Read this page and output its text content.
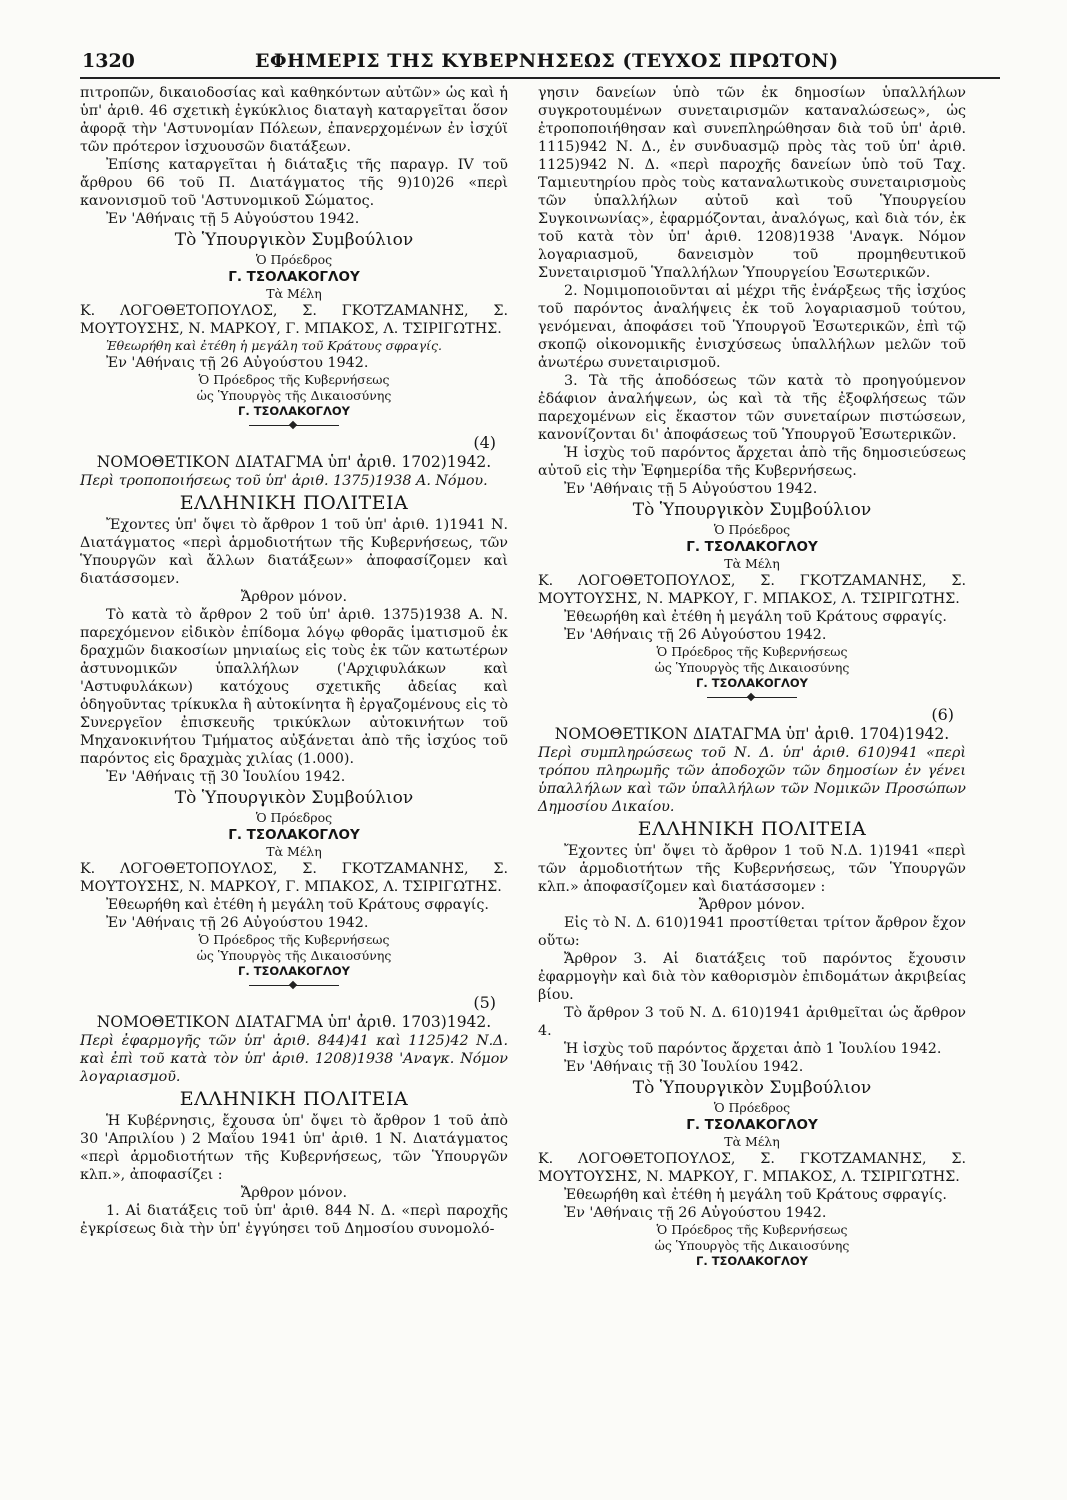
1320	ΕΦΗΜΕΡΙΣ ΤΗΣ ΚΥΒΕΡΝΗΣΕΩΣ (ΤΕΥΧΟΣ ΠΡΩΤΟΝ)

πιτροπῶν, δικαιοδοσίας καὶ καθηκόντων αὐτῶν» ὡς καὶ ἡ ὑπ' ἀριθ. 46 σχετικὴ ἐγκύκλιος διαταγὴ καταργεῖται ὅσον ἀφορᾷ τὴν 'Αστυνομίαν Πόλεων, ἐπανερχομένων ἐν ἰσχύϊ τῶν πρότερον ἰσχυουσῶν διατάξεων.

Ἐπίσης καταργεῖται ἡ διάταξις τῆς παραγρ. IV τοῦ ἄρθρου 66 τοῦ Π. Διατάγματος τῆς 9)10)26 «περὶ κανονισμοῦ τοῦ 'Αστυνομικοῦ Σώματος.

Ἐν 'Αθήναις τῇ 5 Αὐγούστου 1942.

Τὸ Ὑπουργικὸν Συμβούλιον

Ὁ Πρόεδρος

Γ. ΤΣΟΛΑΚΟΓΛΟΥ

Τὰ Μέλη

Κ. ΛΟΓΟΘΕΤΟΠΟΥΛΟΣ, Σ. ΓΚΟΤΖΑΜΑΝΗΣ, Σ. ΜΟΥΤΟΥΣΗΣ, Ν. ΜΑΡΚΟΥ, Γ. ΜΠΑΚΟΣ, Λ. ΤΣΙΡΙΓΩΤΗΣ.

Ἐθεωρήθη καὶ ἐτέθη ἡ μεγάλη τοῦ Κράτους σφραγίς.

Ἐν 'Αθήναις τῇ 26 Αὐγούστου 1942.

Ὁ Πρόεδρος τῆς Κυβερνήσεως

ὡς Ὑπουργὸς τῆς Δικαιοσύνης

Γ. ΤΣΟΛΑΚΟΓΛΟΥ

(4)

ΝΟΜΟΘΕΤΙΚΟΝ ΔΙΑΤΑΓΜΑ ὑπ' ἀριθ. 1702)1942.

Περὶ τροποποιήσεως τοῦ ὑπ' ἀριθ. 1375)1938 Α. Νόμου.

ΕΛΛΗΝΙΚΗ ΠΟΛΙΤΕΙΑ

Ἔχοντες ὑπ' ὄψει τὸ ἄρθρον 1 τοῦ ὑπ' ἀριθ. 1)1941 Ν. Διατάγματος «περὶ ἁρμοδιοτήτων τῆς Κυβερνήσεως, τῶν Ὑπουργῶν καὶ ἄλλων διατάξεων» ἀποφασίζομεν καὶ διατάσσομεν.

Ἄρθρον μόνον.

Τὸ κατὰ τὸ ἄρθρον 2 τοῦ ὑπ' ἀριθ. 1375)1938 Α. Ν. παρεχόμενον εἰδικὸν ἐπίδομα λόγῳ φθορᾶς ἱματισμοῦ ἐκ δραχμῶν διακοσίων μηνιαίως εἰς τοὺς ἐκ τῶν κατωτέρων ἀστυνομικῶν ὑπαλλήλων ('Αρχιφυλάκων καὶ 'Αστυφυλάκων) κατόχους σχετικῆς ἀδείας καὶ ὁδηγοῦντας τρίκυκλα ἢ αὐτοκίνητα ἢ ἐργαζομένους εἰς τὸ Συνεργεῖον ἐπισκευῆς τρικύκλων αὐτοκινήτων τοῦ Μηχανοκινήτου Τμήματος αὐξάνεται ἀπὸ τῆς ἰσχύος τοῦ παρόντος εἰς δραχμὰς χιλίας (1.000).

Ἐν 'Αθήναις τῇ 30 Ἰουλίου 1942.

Τὸ Ὑπουργικὸν Συμβούλιον

Ὁ Πρόεδρος

Γ. ΤΣΟΛΑΚΟΓΛΟΥ

Τὰ Μέλη

Κ. ΛΟΓΟΘΕΤΟΠΟΥΛΟΣ, Σ. ΓΚΟΤΖΑΜΑΝΗΣ, Σ. ΜΟΥΤΟΥΣΗΣ, Ν. ΜΑΡΚΟΥ, Γ. ΜΠΑΚΟΣ, Λ. ΤΣΙΡΙΓΩΤΗΣ.

Ἐθεωρήθη καὶ ἐτέθη ἡ μεγάλη τοῦ Κράτους σφραγίς.

Ἐν 'Αθήναις τῇ 26 Αὐγούστου 1942.

Ὁ Πρόεδρος τῆς Κυβερνήσεως

ὡς Ὑπουργὸς τῆς Δικαιοσύνης

Γ. ΤΣΟΛΑΚΟΓΛΟΥ

(5)

ΝΟΜΟΘΕΤΙΚΟΝ ΔΙΑΤΑΓΜΑ ὑπ' ἀριθ. 1703)1942.

Περὶ ἐφαρμογῆς τῶν ὑπ' ἀριθ. 844)41 καὶ 1125)42 Ν.Δ. καὶ ἐπὶ τοῦ κατὰ τὸν ὑπ' ἀριθ. 1208)1938 'Αναγκ. Νόμον λογαριασμοῦ.

ΕΛΛΗΝΙΚΗ ΠΟΛΙΤΕΙΑ

Ἡ Κυβέρνησις, ἔχουσα ὑπ' ὄψει τὸ ἄρθρον 1 τοῦ ἀπὸ 30 'Απριλίου ) 2 Μαΐου 1941 ὑπ' ἀριθ. 1 Ν. Διατάγματος «περὶ ἁρμοδιοτήτων τῆς Κυβερνήσεως, τῶν Ὑπουργῶν κλπ.», ἀποφασίζει :

Ἄρθρον μόνον.

1. Αἱ διατάξεις τοῦ ὑπ' ἀριθ. 844 Ν. Δ. «περὶ παροχῆς ἐγκρίσεως διὰ τὴν ὑπ' ἐγγύησει τοῦ Δημοσίου συνομολό-

γησιν δανείων ὑπὸ τῶν ἐκ δημοσίων ὑπαλλήλων συγκροτουμένων συνεταιρισμῶν καταναλώσεως», ὡς ἐτροποποιήθησαν καὶ συνεπληρώθησαν διὰ τοῦ ὑπ' ἀριθ. 1115)942 Ν. Δ., ἐν συνδυασμῷ πρὸς τὰς τοῦ ὑπ' ἀριθ. 1125)942 Ν. Δ. «περὶ παροχῆς δανείων ὑπὸ τοῦ Ταχ. Ταμιευτηρίου πρὸς τοὺς καταναλωτικοὺς συνεταιρισμοὺς τῶν ὑπαλλήλων αὐτοῦ καὶ τοῦ Ὑπουργείου Συγκοινωνίας», ἐφαρμόζονται, ἀναλόγως, καὶ διὰ τόν, ἐκ τοῦ κατὰ τὸν ὑπ' ἀριθ. 1208)1938 'Αναγκ. Νόμον λογαριασμοῦ, δανεισμὸν τοῦ προμηθευτικοῦ Συνεταιρισμοῦ Ὑπαλλήλων Ὑπουργείου Ἐσωτερικῶν.

2. Νομιμοποιοῦνται αἱ μέχρι τῆς ἐνάρξεως τῆς ἰσχύος τοῦ παρόντος ἀναλήψεις ἐκ τοῦ λογαριασμοῦ τούτου, γενόμεναι, ἀποφάσει τοῦ Ὑπουργοῦ Ἐσωτερικῶν, ἐπὶ τῷ σκοπῷ οἰκονομικῆς ἐνισχύσεως ὑπαλλήλων μελῶν τοῦ ἀνωτέρω συνεταιρισμοῦ.

3. Τὰ τῆς ἀποδόσεως τῶν κατὰ τὸ προηγούμενον ἐδάφιον ἀναλήψεων, ὡς καὶ τὰ τῆς ἐξοφλήσεως τῶν παρεχομένων εἰς ἕκαστον τῶν συνεταίρων πιστώσεων, κανονίζονται δι' ἀποφάσεως τοῦ Ὑπουργοῦ Ἐσωτερικῶν.

Ἡ ἰσχὺς τοῦ παρόντος ἄρχεται ἀπὸ τῆς δημοσιεύσεως αὐτοῦ εἰς τὴν Ἐφημερίδα τῆς Κυβερνήσεως.

Ἐν 'Αθήναις τῇ 5 Αὐγούστου 1942.

Τὸ Ὑπουργικὸν Συμβούλιον

Ὁ Πρόεδρος

Γ. ΤΣΟΛΑΚΟΓΛΟΥ

Τὰ Μέλη

Κ. ΛΟΓΟΘΕΤΟΠΟΥΛΟΣ, Σ. ΓΚΟΤΖΑΜΑΝΗΣ, Σ. ΜΟΥΤΟΥΣΗΣ, Ν. ΜΑΡΚΟΥ, Γ. ΜΠΑΚΟΣ, Λ. ΤΣΙΡΙΓΩΤΗΣ.

Ἐθεωρήθη καὶ ἐτέθη ἡ μεγάλη τοῦ Κράτους σφραγίς.

Ἐν 'Αθήναις τῇ 26 Αὐγούστου 1942.

Ὁ Πρόεδρος τῆς Κυβερνήσεως

ὡς Ὑπουργὸς τῆς Δικαιοσύνης

Γ. ΤΣΟΛΑΚΟΓΛΟΥ

(6)

ΝΟΜΟΘΕΤΙΚΟΝ ΔΙΑΤΑΓΜΑ ὑπ' ἀριθ. 1704)1942.

Περὶ συμπληρώσεως τοῦ Ν. Δ. ὑπ' ἀριθ. 610)941 «περὶ τρόπου πληρωμῆς τῶν ἀποδοχῶν τῶν δημοσίων ἐν γένει ὑπαλλήλων καὶ τῶν ὑπαλλήλων τῶν Νομικῶν Προσώπων Δημοσίου Δικαίου.

ΕΛΛΗΝΙΚΗ ΠΟΛΙΤΕΙΑ

Ἔχοντες ὑπ' ὄψει τὸ ἄρθρον 1 τοῦ Ν.Δ. 1)1941 «περὶ τῶν ἁρμοδιοτήτων τῆς Κυβερνήσεως, τῶν Ὑπουργῶν κλπ.» ἀποφασίζομεν καὶ διατάσσομεν :

Ἄρθρον μόνον.

Εἰς τὸ Ν. Δ. 610)1941 προστίθεται τρίτον ἄρθρον ἔχον οὕτω:

Ἄρθρον 3. Αἱ διατάξεις τοῦ παρόντος ἔχουσιν ἐφαρμογὴν καὶ διὰ τὸν καθορισμὸν ἐπιδομάτων ἀκριβείας βίου.

Τὸ ἄρθρον 3 τοῦ Ν. Δ. 610)1941 ἀριθμεῖται ὡς ἄρθρον 4.

Ἡ ἰσχὺς τοῦ παρόντος ἄρχεται ἀπὸ 1 Ἰουλίου 1942.

Ἐν 'Αθήναις τῇ 30 Ἰουλίου 1942.

Τὸ Ὑπουργικὸν Συμβούλιον

Ὁ Πρόεδρος

Γ. ΤΣΟΛΑΚΟΓΛΟΥ

Τὰ Μέλη

Κ. ΛΟΓΟΘΕΤΟΠΟΥΛΟΣ, Σ. ΓΚΟΤΖΑΜΑΝΗΣ, Σ. ΜΟΥΤΟΥΣΗΣ, Ν. ΜΑΡΚΟΥ, Γ. ΜΠΑΚΟΣ, Λ. ΤΣΙΡΙΓΩΤΗΣ.

Ἐθεωρήθη καὶ ἐτέθη ἡ μεγάλη τοῦ Κράτους σφραγίς.

Ἐν 'Αθήναις τῇ 26 Αὐγούστου 1942.

Ὁ Πρόεδρος τῆς Κυβερνήσεως

ὡς Ὑπουργὸς τῆς Δικαιοσύνης

Γ. ΤΣΟΛΑΚΟΓΛΟΥ
